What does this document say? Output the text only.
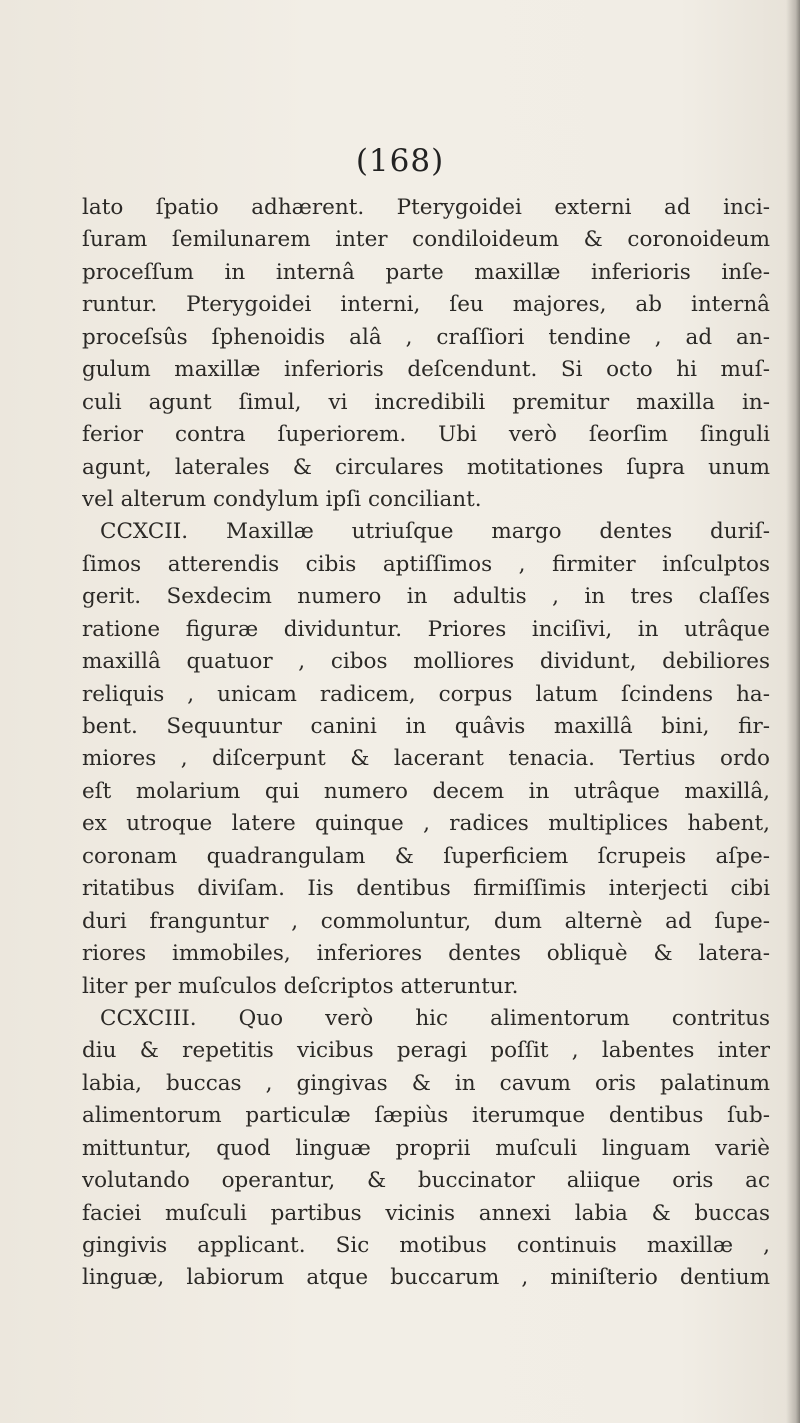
(168)
lato ſpatio adhærent. Pterygoidei externi ad inci-
ſuram ſemilunarem inter condiloideum & coronoideum
proceſſum in internâ parte maxillæ inferioris inſe-
runtur. Pterygoidei interni, ſeu majores, ab internâ
proceſsûs ſphenoidis alâ , craſſiori tendine , ad an-
gulum maxillæ inferioris deſcendunt. Si octo hi muſ-
culi agunt ſimul, vi incredibili premitur maxilla in-
ferior contra ſuperiorem. Ubi verò ſeorſim ſinguli
agunt, laterales & circulares motitationes ſupra unum
vel alterum condylum ipſi conciliant.
CCXCII. Maxillæ utriuſque margo dentes duriſ-
ſimos atterendis cibis aptiſſimos , firmiter inſculptos
gerit. Sexdecim numero in adultis , in tres claſſes
ratione figuræ dividuntur. Priores inciſivi, in utrâque
maxillâ quatuor , cibos molliores dividunt, debiliores
reliquis , unicam radicem, corpus latum ſcindens ha-
bent. Sequuntur canini in quâvis maxillâ bini, fir-
miores , diſcerpunt & lacerant tenacia. Tertius ordo
eſt molarium qui numero decem in utrâque maxillâ,
ex utroque latere quinque , radices multiplices habent,
coronam quadrangulam & ſuperficiem ſcrupeis aſpe-
ritatibus diviſam. Iis dentibus firmiſſimis interjecti cibi
duri franguntur , commoluntur, dum alternè ad ſupe-
riores immobiles, inferiores dentes obliquè & latera-
liter per muſculos deſcriptos atteruntur.
CCXCIII. Quo verò hic alimentorum contritus
diu & repetitis vicibus peragi poſſit , labentes inter
labia, buccas , gingivas & in cavum oris palatinum
alimentorum particulæ ſæpiùs iterumque dentibus ſub-
mittuntur, quod linguæ proprii muſculi linguam variè
volutando operantur, & buccinator aliique oris ac
faciei muſculi partibus vicinis annexi labia & buccas
gingivis applicant. Sic motibus continuis maxillæ ,
linguæ, labiorum atque buccarum , miniſterio dentium
